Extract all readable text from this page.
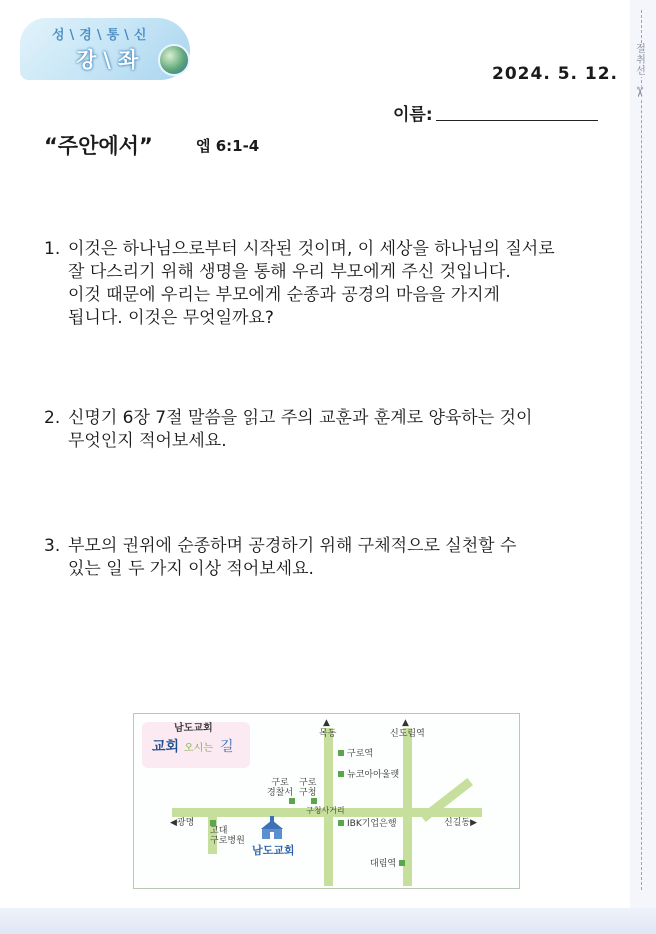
절취선
✂
성\경\통\신
강\좌
2024. 5. 12.
이름:
“주안에서”	엡 6:1-4
1. 이것은 하나님으로부터 시작된 것이며, 이 세상을 하나님의 질서로
잘 다스리기 위해 생명을 통해 우리 부모에게 주신 것입니다.
이것 때문에 우리는 부모에게 순종과 공경의 마음을 가지게
됩니다. 이것은 무엇일까요?
2. 신명기 6장 7절 말씀을 읽고 주의 교훈과 훈계로 양육하는 것이
무엇인지 적어보세요.
3. 부모의 권위에 순종하며 공경하기 위해 구체적으로 실천할 수
있는 일 두 가지 이상 적어보세요.
남도교회
교회 오시는 길
▲
목동
▲
신도림역
구로역
뉴코아아울렛
구로
경찰서
구로
구청
구청사거리
◀광명	신길동▶
IBK기업은행
고대
구로병원
남도교회
대림역
